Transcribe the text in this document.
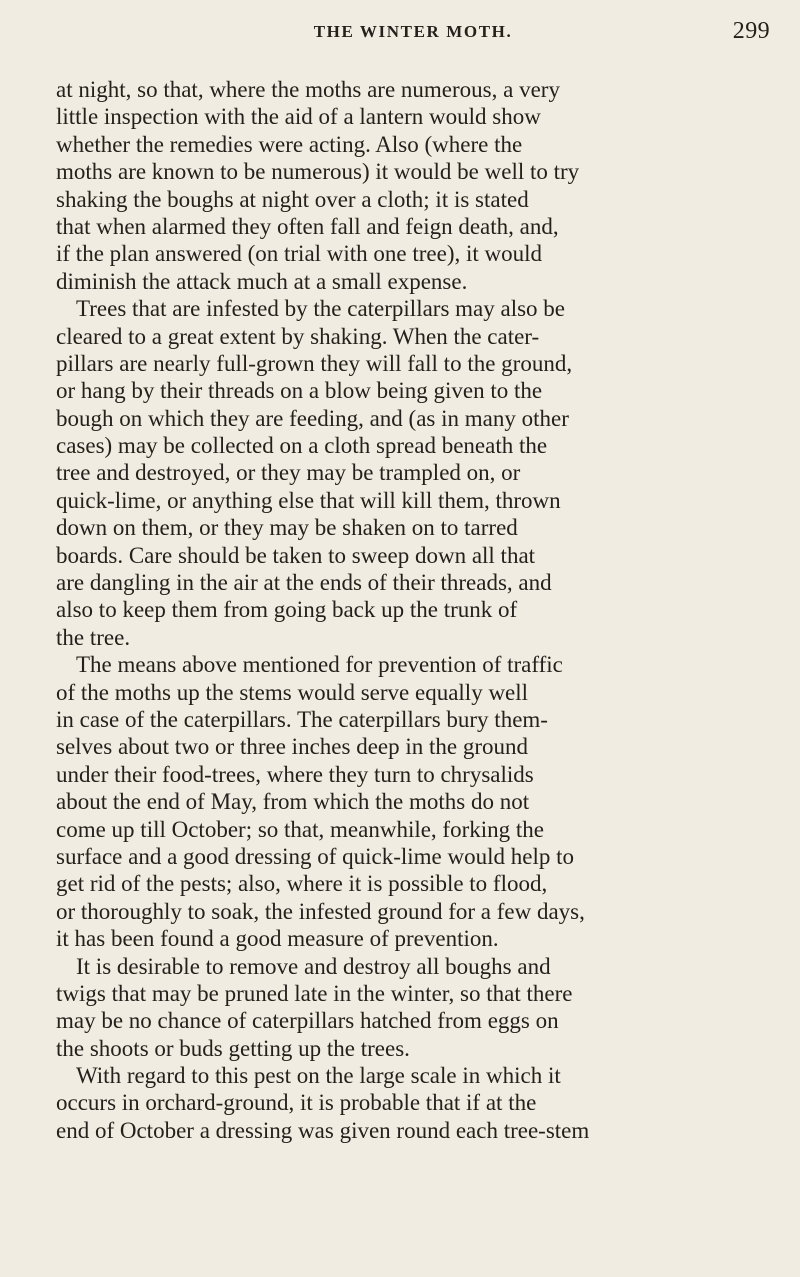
THE WINTER MOTH.	299
at night, so that, where the moths are numerous, a very
little inspection with the aid of a lantern would show
whether the remedies were acting. Also (where the
moths are known to be numerous) it would be well to try
shaking the boughs at night over a cloth; it is stated
that when alarmed they often fall and feign death, and,
if the plan answered (on trial with one tree), it would
diminish the attack much at a small expense.
Trees that are infested by the caterpillars may also be
cleared to a great extent by shaking. When the cater-
pillars are nearly full-grown they will fall to the ground,
or hang by their threads on a blow being given to the
bough on which they are feeding, and (as in many other
cases) may be collected on a cloth spread beneath the
tree and destroyed, or they may be trampled on, or
quick-lime, or anything else that will kill them, thrown
down on them, or they may be shaken on to tarred
boards. Care should be taken to sweep down all that
are dangling in the air at the ends of their threads, and
also to keep them from going back up the trunk of
the tree.
The means above mentioned for prevention of traffic
of the moths up the stems would serve equally well
in case of the caterpillars. The caterpillars bury them-
selves about two or three inches deep in the ground
under their food-trees, where they turn to chrysalids
about the end of May, from which the moths do not
come up till October; so that, meanwhile, forking the
surface and a good dressing of quick-lime would help to
get rid of the pests; also, where it is possible to flood,
or thoroughly to soak, the infested ground for a few days,
it has been found a good measure of prevention.
It is desirable to remove and destroy all boughs and
twigs that may be pruned late in the winter, so that there
may be no chance of caterpillars hatched from eggs on
the shoots or buds getting up the trees.
With regard to this pest on the large scale in which it
occurs in orchard-ground, it is probable that if at the
end of October a dressing was given round each tree-stem
